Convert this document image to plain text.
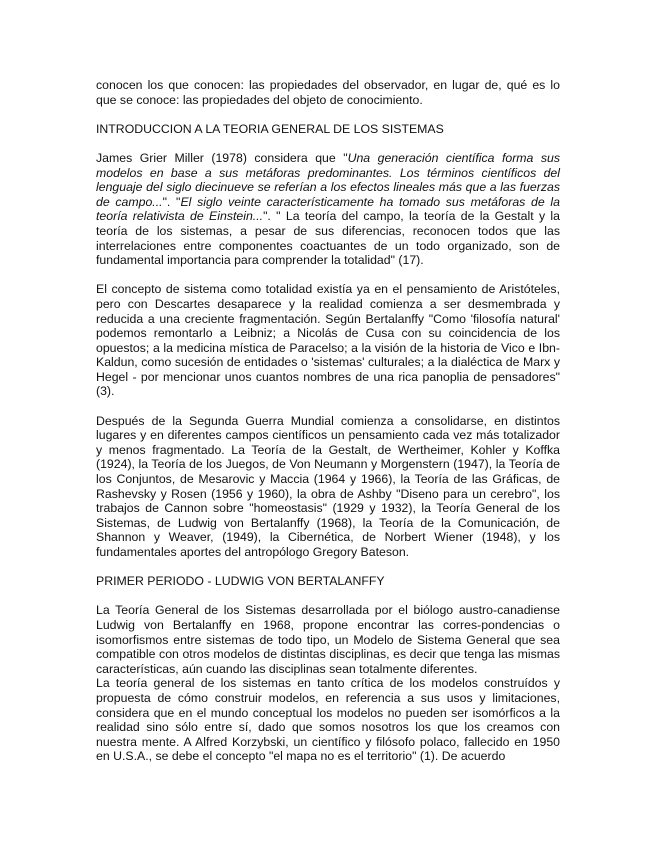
conocen los que conocen: las propiedades del observador, en lugar de, qué es lo que se conoce: las propiedades del objeto de conocimiento.

INTRODUCCION A LA TEORIA GENERAL DE LOS SISTEMAS

James Grier Miller (1978) considera que "Una generación científica forma sus modelos en base a sus metáforas predominantes. Los términos científicos del lenguaje del siglo diecinueve se referían a los efectos lineales más que a las fuerzas de campo...". "El siglo veinte característicamente ha tomado sus metáforas de la teoría relativista de Einstein...". " La teoría del campo, la teoría de la Gestalt y la teoría de los sistemas, a pesar de sus diferencias, reconocen todos que las interrelaciones entre componentes coactuantes de un todo organizado, son de fundamental importancia para comprender la totalidad" (17).

El concepto de sistema como totalidad existía ya en el pensamiento de Aristóteles, pero con Descartes desaparece y la realidad comienza a ser desmembrada y reducida a una creciente fragmentación. Según Bertalanffy "Como 'filosofía natural' podemos remontarlo a Leibniz; a Nicolás de Cusa con su coincidencia de los opuestos; a la medicina mística de Paracelso; a la visión de la historia de Vico e Ibn-Kaldun, como sucesión de entidades o 'sistemas' culturales; a la dialéctica de Marx y Hegel - por mencionar unos cuantos nombres de una rica panoplia de pensadores" (3).

Después de la Segunda Guerra Mundial comienza a consolidarse, en distintos lugares y en diferentes campos científicos un pensamiento cada vez más totalizador y menos fragmentado. La Teoría de la Gestalt, de Wertheimer, Kohler y Koffka (1924), la Teoría de los Juegos, de Von Neumann y Morgenstern (1947), la Teoría de los Conjuntos, de Mesarovic y Maccia (1964 y 1966), la Teoría de las Gráficas, de Rashevsky y Rosen (1956 y 1960), la obra de Ashby "Diseno para un cerebro", los trabajos de Cannon sobre "homeostasis" (1929 y 1932), la Teoría General de los Sistemas, de Ludwig von Bertalanffy (1968), la Teoría de la Comunicación, de Shannon y Weaver, (1949), la Cibernética, de Norbert Wiener (1948), y los fundamentales aportes del antropólogo Gregory Bateson.

PRIMER PERIODO - LUDWIG VON BERTALANFFY

La Teoría General de los Sistemas desarrollada por el biólogo austro-canadiense Ludwig von Bertalanffy en 1968, propone encontrar las corres-pondencias o isomorfismos entre sistemas de todo tipo, un Modelo de Sistema General que sea compatible con otros modelos de distintas disciplinas, es decir que tenga las mismas características, aún cuando las disciplinas sean totalmente diferentes.

La teoría general de los sistemas en tanto crítica de los modelos construídos y propuesta de cómo construir modelos, en referencia a sus usos y limitaciones, considera que en el mundo conceptual los modelos no pueden ser isomórficos a la realidad sino sólo entre sí, dado que somos nosotros los que los creamos con nuestra mente. A Alfred Korzybski, un científico y filósofo polaco, fallecido en 1950 en U.S.A., se debe el concepto "el mapa no es el territorio" (1). De acuerdo
